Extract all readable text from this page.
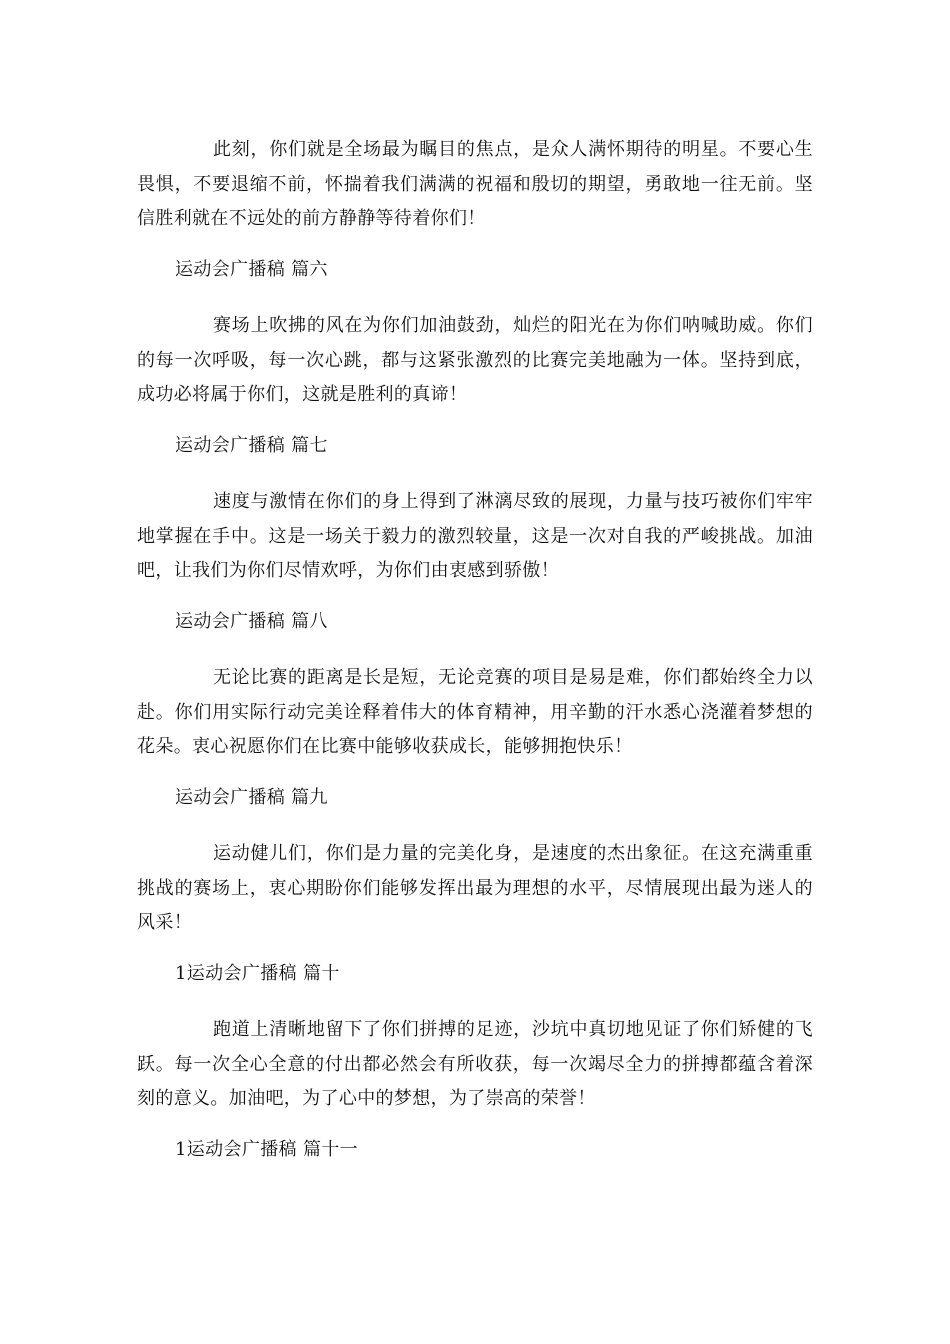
此刻，你们就是全场最为瞩目的焦点，是众人满怀期待的明星。不要心生畏惧，不要退缩不前，怀揣着我们满满的祝福和殷切的期望，勇敢地一往无前。坚信胜利就在不远处的前方静静等待着你们！

运动会广播稿 篇六

赛场上吹拂的风在为你们加油鼓劲，灿烂的阳光在为你们呐喊助威。你们的每一次呼吸，每一次心跳，都与这紧张激烈的比赛完美地融为一体。坚持到底，成功必将属于你们，这就是胜利的真谛！

运动会广播稿 篇七

速度与激情在你们的身上得到了淋漓尽致的展现，力量与技巧被你们牢牢地掌握在手中。这是一场关于毅力的激烈较量，这是一次对自我的严峻挑战。加油吧，让我们为你们尽情欢呼，为你们由衷感到骄傲！

运动会广播稿 篇八

无论比赛的距离是长是短，无论竞赛的项目是易是难，你们都始终全力以赴。你们用实际行动完美诠释着伟大的体育精神，用辛勤的汗水悉心浇灌着梦想的花朵。衷心祝愿你们在比赛中能够收获成长，能够拥抱快乐！

运动会广播稿 篇九

运动健儿们，你们是力量的完美化身，是速度的杰出象征。在这充满重重挑战的赛场上，衷心期盼你们能够发挥出最为理想的水平，尽情展现出最为迷人的风采！

1运动会广播稿 篇十

跑道上清晰地留下了你们拼搏的足迹，沙坑中真切地见证了你们矫健的飞跃。每一次全心全意的付出都必然会有所收获，每一次竭尽全力的拼搏都蕴含着深刻的意义。加油吧，为了心中的梦想，为了崇高的荣誉！

1运动会广播稿 篇十一
